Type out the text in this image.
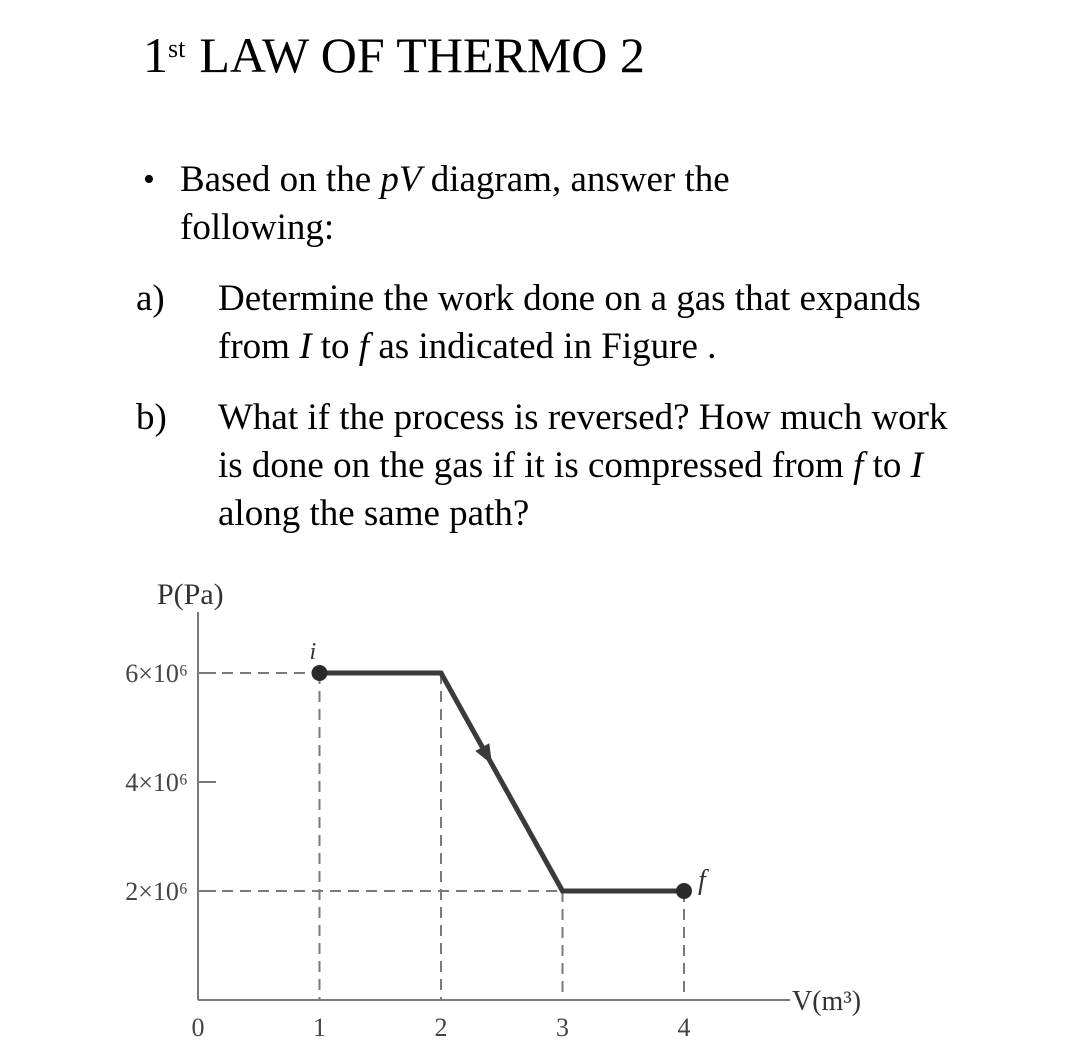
1st LAW OF THERMO 2
• Based on the pV diagram, answer the following:
a) Determine the work done on a gas that expands from I to f as indicated in Figure .
b) What if the process is reversed? How much work is done on the gas if it is compressed from f to I along the same path?
P(Pa)
V(m³)
6×10⁶
4×10⁶
2×10⁶
0	1	2	3	4
i
f
